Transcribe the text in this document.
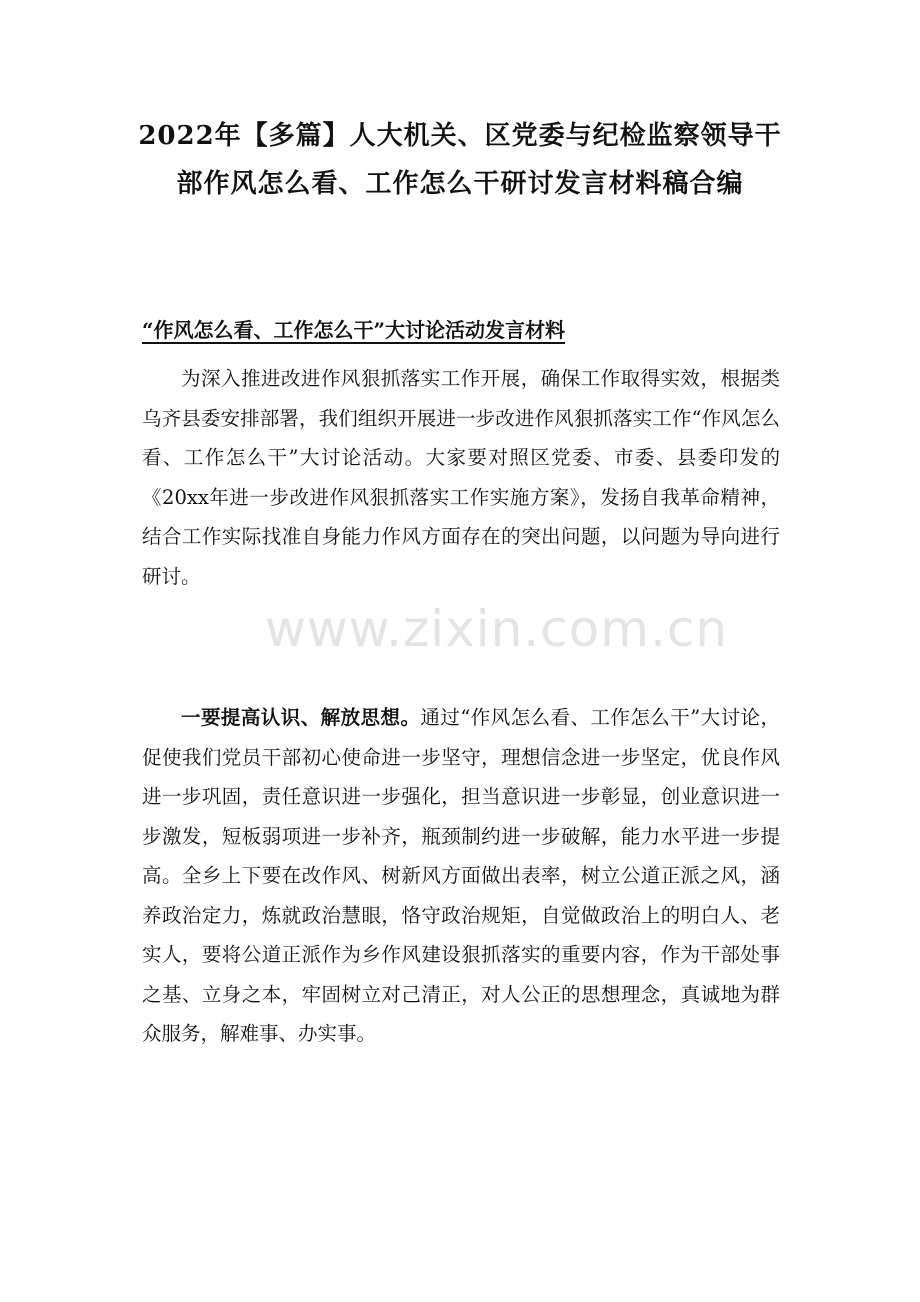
2022年【多篇】人大机关、区党委与纪检监察领导干
部作风怎么看、工作怎么干研讨发言材料稿合编
“作风怎么看、工作怎么干”大讨论活动发言材料

为深入推进改进作风狠抓落实工作开展，确保工作取得实效，根据类乌齐县委安排部署，我们组织开展进一步改进作风狠抓落实工作“作风怎么看、工作怎么干”大讨论活动。大家要对照区党委、市委、县委印发的《20xx年进一步改进作风狠抓落实工作实施方案》，发扬自我革命精神，结合工作实际找准自身能力作风方面存在的突出问题，以问题为导向进行研讨。

一要提高认识、解放思想。通过“作风怎么看、工作怎么干”大讨论，促使我们党员干部初心使命进一步坚守，理想信念进一步坚定，优良作风进一步巩固，责任意识进一步强化，担当意识进一步彰显，创业意识进一步激发，短板弱项进一步补齐，瓶颈制约进一步破解，能力水平进一步提高。全乡上下要在改作风、树新风方面做出表率，树立公道正派之风，涵养政治定力，炼就政治慧眼，恪守政治规矩，自觉做政治上的明白人、老实人，要将公道正派作为乡作风建设狠抓落实的重要内容，作为干部处事之基、立身之本，牢固树立对己清正，对人公正的思想理念，真诚地为群众服务，解难事、办实事。

www.zixin.com.cn
